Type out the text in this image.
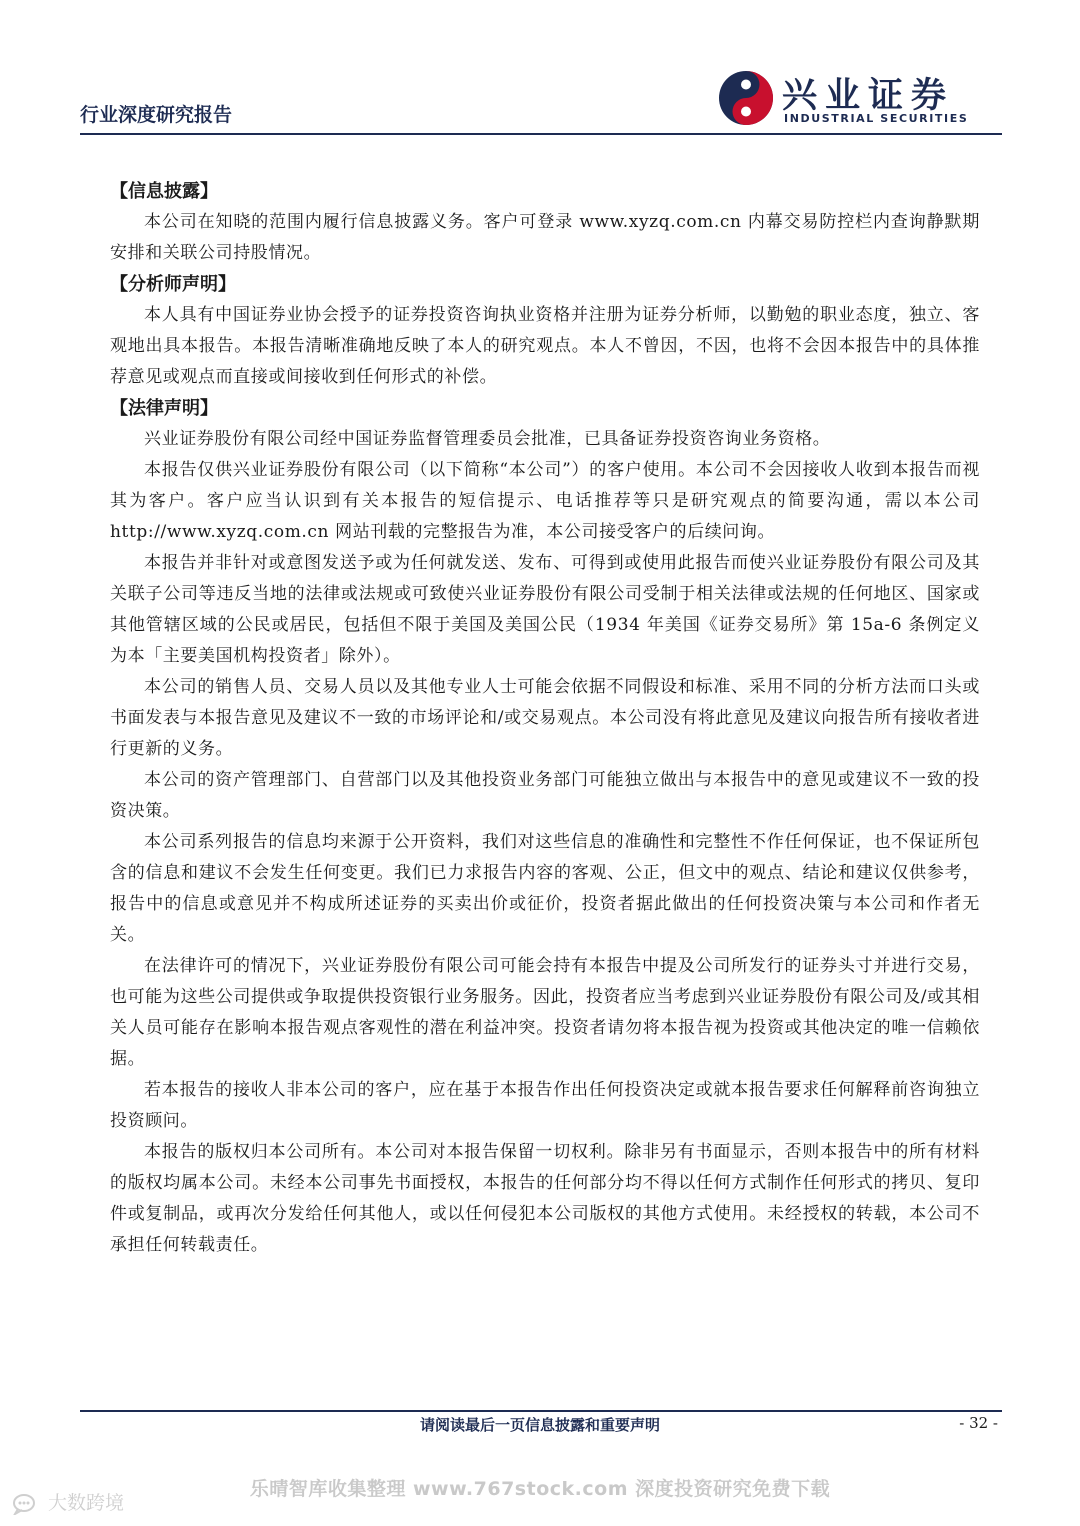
行业深度研究报告	兴业证券
INDUSTRIAL SECURITIES

【信息披露】

本公司在知晓的范围内履行信息披露义务。客户可登录 www.xyzq.com.cn 内幕交易防控栏内查询静默期安排和关联公司持股情况。

【分析师声明】

本人具有中国证券业协会授予的证券投资咨询执业资格并注册为证券分析师，以勤勉的职业态度，独立、客观地出具本报告。本报告清晰准确地反映了本人的研究观点。本人不曾因，不因，也将不会因本报告中的具体推荐意见或观点而直接或间接收到任何形式的补偿。

【法律声明】

兴业证券股份有限公司经中国证券监督管理委员会批准，已具备证券投资咨询业务资格。

本报告仅供兴业证券股份有限公司（以下简称“本公司”）的客户使用。本公司不会因接收人收到本报告而视其为客户。客户应当认识到有关本报告的短信提示、电话推荐等只是研究观点的简要沟通，需以本公司 http://www.xyzq.com.cn 网站刊载的完整报告为准，本公司接受客户的后续问询。

本报告并非针对或意图发送予或为任何就发送、发布、可得到或使用此报告而使兴业证券股份有限公司及其关联子公司等违反当地的法律或法规或可致使兴业证券股份有限公司受制于相关法律或法规的任何地区、国家或其他管辖区域的公民或居民，包括但不限于美国及美国公民（1934 年美国《证券交易所》第 15a-6 条例定义为本「主要美国机构投资者」除外）。

本公司的销售人员、交易人员以及其他专业人士可能会依据不同假设和标准、采用不同的分析方法而口头或书面发表与本报告意见及建议不一致的市场评论和/或交易观点。本公司没有将此意见及建议向报告所有接收者进行更新的义务。

本公司的资产管理部门、自营部门以及其他投资业务部门可能独立做出与本报告中的意见或建议不一致的投资决策。

本公司系列报告的信息均来源于公开资料，我们对这些信息的准确性和完整性不作任何保证，也不保证所包含的信息和建议不会发生任何变更。我们已力求报告内容的客观、公正，但文中的观点、结论和建议仅供参考，报告中的信息或意见并不构成所述证券的买卖出价或征价，投资者据此做出的任何投资决策与本公司和作者无关。

在法律许可的情况下，兴业证券股份有限公司可能会持有本报告中提及公司所发行的证券头寸并进行交易，也可能为这些公司提供或争取提供投资银行业务服务。因此，投资者应当考虑到兴业证券股份有限公司及/或其相关人员可能存在影响本报告观点客观性的潜在利益冲突。投资者请勿将本报告视为投资或其他决定的唯一信赖依据。

若本报告的接收人非本公司的客户，应在基于本报告作出任何投资决定或就本报告要求任何解释前咨询独立投资顾问。

本报告的版权归本公司所有。本公司对本报告保留一切权利。除非另有书面显示，否则本报告中的所有材料的版权均属本公司。未经本公司事先书面授权，本报告的任何部分均不得以任何方式制作任何形式的拷贝、复印件或复制品，或再次分发给任何其他人，或以任何侵犯本公司版权的其他方式使用。未经授权的转载，本公司不承担任何转载责任。

请阅读最后一页信息披露和重要声明	- 32 -
乐晴智库收集整理 www.767stock.com 深度投资研究免费下载
大数跨境
